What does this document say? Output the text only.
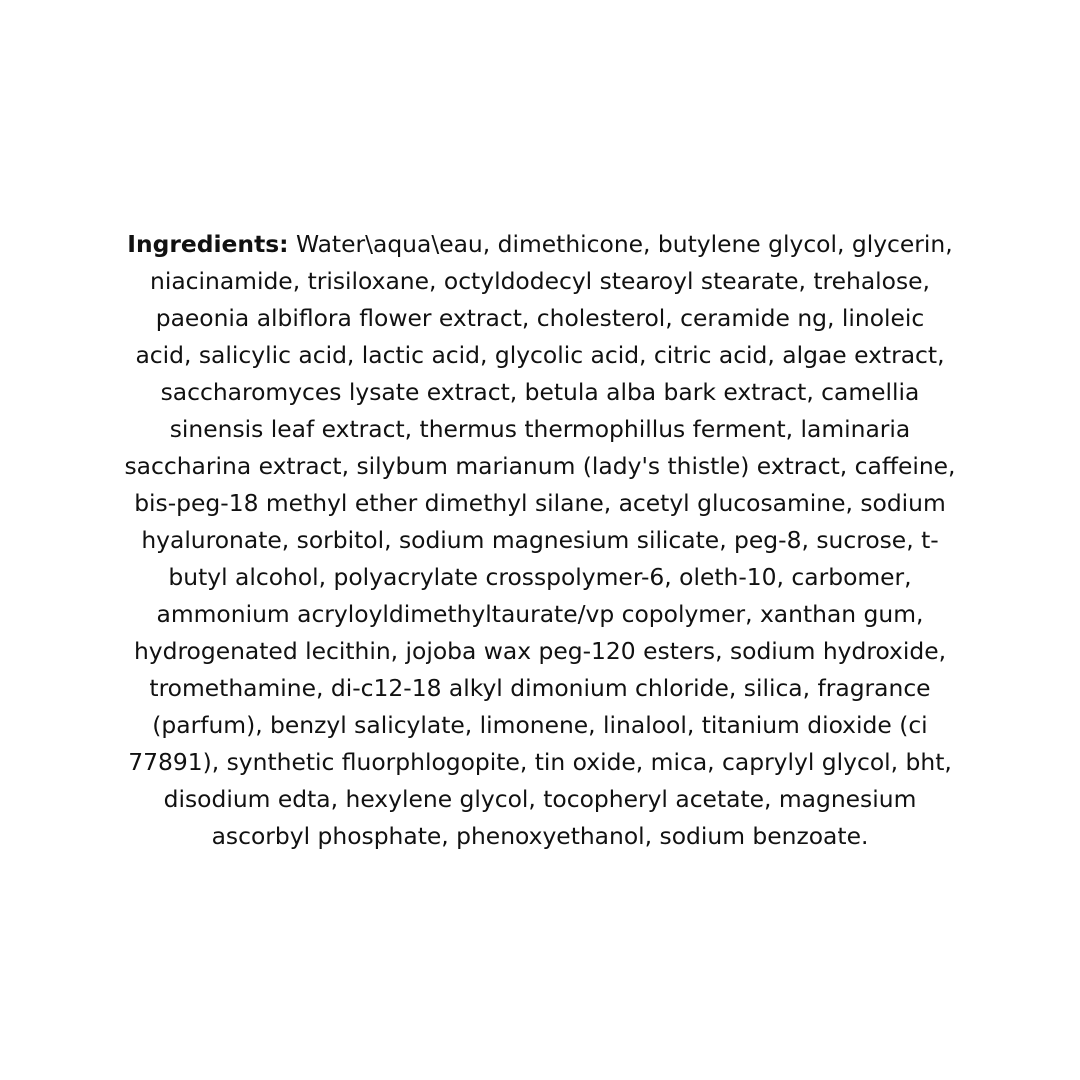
Ingredients: Water\aqua\eau, dimethicone, butylene glycol, glycerin,
niacinamide, trisiloxane, octyldodecyl stearoyl stearate, trehalose,
paeonia albiflora flower extract, cholesterol, ceramide ng, linoleic
acid, salicylic acid, lactic acid, glycolic acid, citric acid, algae extract,
saccharomyces lysate extract, betula alba bark extract, camellia
sinensis leaf extract, thermus thermophillus ferment, laminaria
saccharina extract, silybum marianum (lady's thistle) extract, caffeine,
bis-peg-18 methyl ether dimethyl silane, acetyl glucosamine, sodium
hyaluronate, sorbitol, sodium magnesium silicate, peg-8, sucrose, t-
butyl alcohol, polyacrylate crosspolymer-6, oleth-10, carbomer,
ammonium acryloyldimethyltaurate/vp copolymer, xanthan gum,
hydrogenated lecithin, jojoba wax peg-120 esters, sodium hydroxide,
tromethamine, di-c12-18 alkyl dimonium chloride, silica, fragrance
(parfum), benzyl salicylate, limonene, linalool, titanium dioxide (ci
77891), synthetic fluorphlogopite, tin oxide, mica, caprylyl glycol, bht,
disodium edta, hexylene glycol, tocopheryl acetate, magnesium
ascorbyl phosphate, phenoxyethanol, sodium benzoate.
